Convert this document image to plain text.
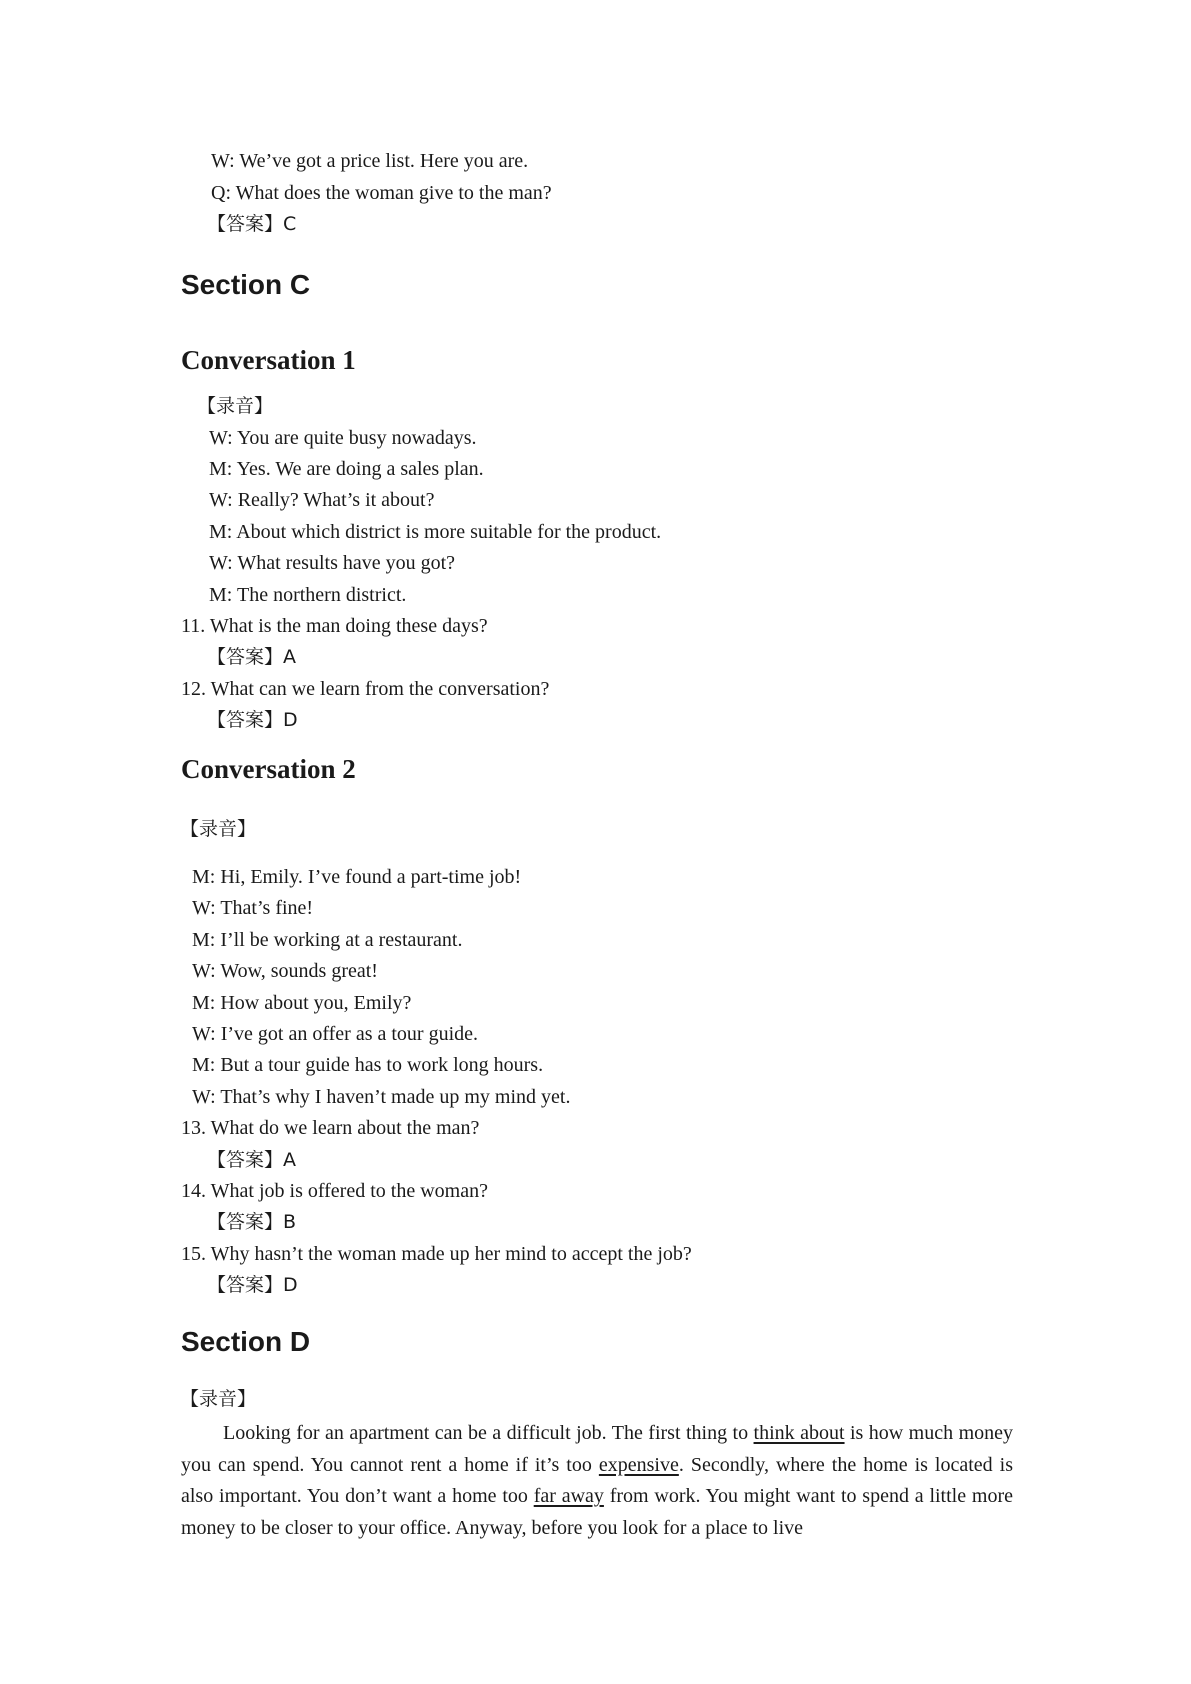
W: We’ve got a price list. Here you are.
Q: What does the woman give to the man?
【答案】C
Section C
Conversation 1
【录音】
W: You are quite busy nowadays.
M: Yes. We are doing a sales plan.
W: Really? What’s it about?
M: About which district is more suitable for the product.
W: What results have you got?
M: The northern district.
11. What is the man doing these days?
【答案】A
12. What can we learn from the conversation?
【答案】D
Conversation 2
【录音】
M: Hi, Emily. I’ve found a part-time job!
W: That’s fine!
M: I’ll be working at a restaurant.
W: Wow, sounds great!
M: How about you, Emily?
W: I’ve got an offer as a tour guide.
M: But a tour guide has to work long hours.
W: That’s why I haven’t made up my mind yet.
13. What do we learn about the man?
【答案】A
14. What job is offered to the woman?
【答案】B
15. Why hasn’t the woman made up her mind to accept the job?
【答案】D
Section D
【录音】
Looking for an apartment can be a difficult job. The first thing to think about is how much money you can spend. You cannot rent a home if it’s too expensive. Secondly, where the home is located is also important. You don’t want a home too far away from work. You might want to spend a little more money to be closer to your office. Anyway, before you look for a place to live
